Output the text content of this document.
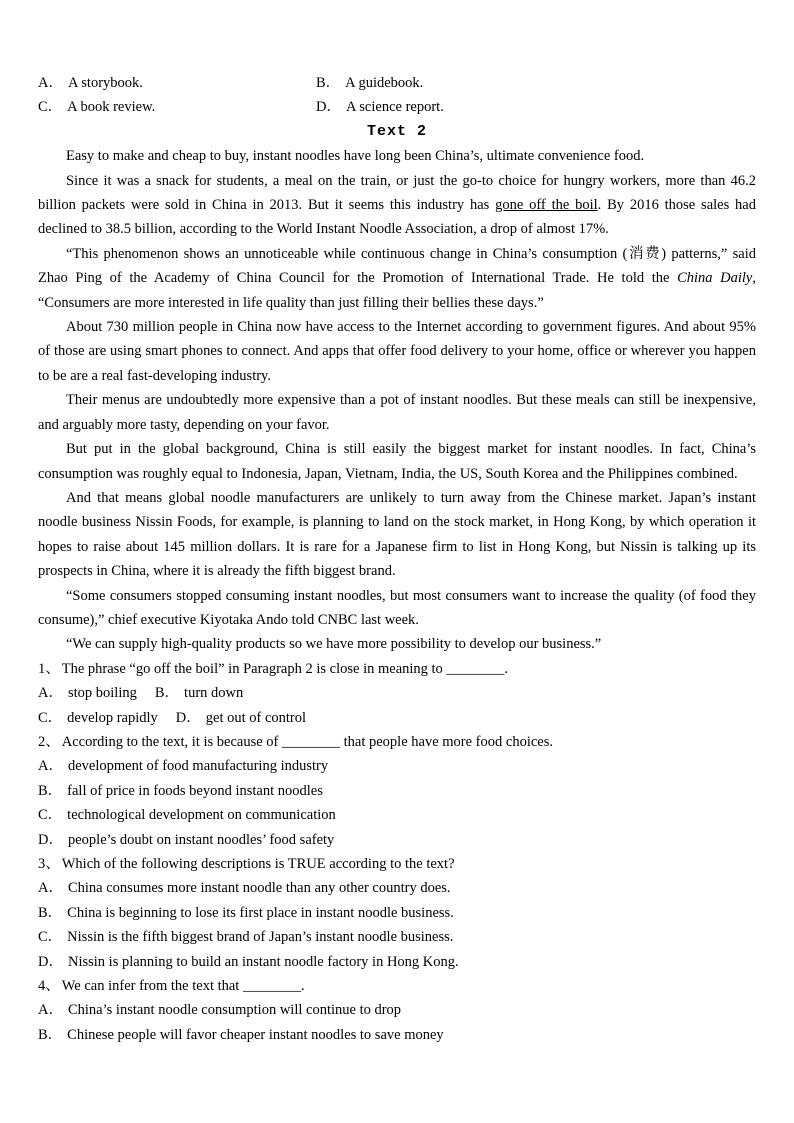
A． A storybook.	B． A guidebook.
C． A book review.	D． A science report.
Text 2

Easy to make and cheap to buy, instant noodles have long been China’s, ultimate convenience food.

Since it was a snack for students, a meal on the train, or just the go-to choice for hungry workers, more than 46.2 billion packets were sold in China in 2013. But it seems this industry has gone off the boil. By 2016 those sales had declined to 38.5 billion, according to the World Instant Noodle Association, a drop of almost 17%.

“This phenomenon shows an unnoticeable while continuous change in China’s consumption (消费) patterns,” said Zhao Ping of the Academy of China Council for the Promotion of International Trade. He told the China Daily, “Consumers are more interested in life quality than just filling their bellies these days.”

About 730 million people in China now have access to the Internet according to government figures. And about 95% of those are using smart phones to connect. And apps that offer food delivery to your home, office or wherever you happen to be are a real fast-developing industry.

Their menus are undoubtedly more expensive than a pot of instant noodles. But these meals can still be inexpensive, and arguably more tasty, depending on your favor.

But put in the global background, China is still easily the biggest market for instant noodles. In fact, China’s consumption was roughly equal to Indonesia, Japan, Vietnam, India, the US, South Korea and the Philippines combined.

And that means global noodle manufacturers are unlikely to turn away from the Chinese market. Japan’s instant noodle business Nissin Foods, for example, is planning to land on the stock market, in Hong Kong, by which operation it hopes to raise about 145 million dollars. It is rare for a Japanese firm to list in Hong Kong, but Nissin is talking up its prospects in China, where it is already the fifth biggest brand.

“Some consumers stopped consuming instant noodles, but most consumers want to increase the quality (of food they consume),” chief executive Kiyotaka Ando told CNBC last week.

“We can supply high-quality products so we have more possibility to develop our business.”

1、 The phrase “go off the boil” in Paragraph 2 is close in meaning to ________.
A． stop boiling B． turn down
C． develop rapidly D． get out of control
2、 According to the text, it is because of ________ that people have more food choices.
A． development of food manufacturing industry
B． fall of price in foods beyond instant noodles
C． technological development on communication
D． people’s doubt on instant noodles’ food safety
3、 Which of the following descriptions is TRUE according to the text?
A． China consumes more instant noodle than any other country does.
B． China is beginning to lose its first place in instant noodle business.
C． Nissin is the fifth biggest brand of Japan’s instant noodle business.
D． Nissin is planning to build an instant noodle factory in Hong Kong.
4、 We can infer from the text that ________.
A． China’s instant noodle consumption will continue to drop
B． Chinese people will favor cheaper instant noodles to save money
